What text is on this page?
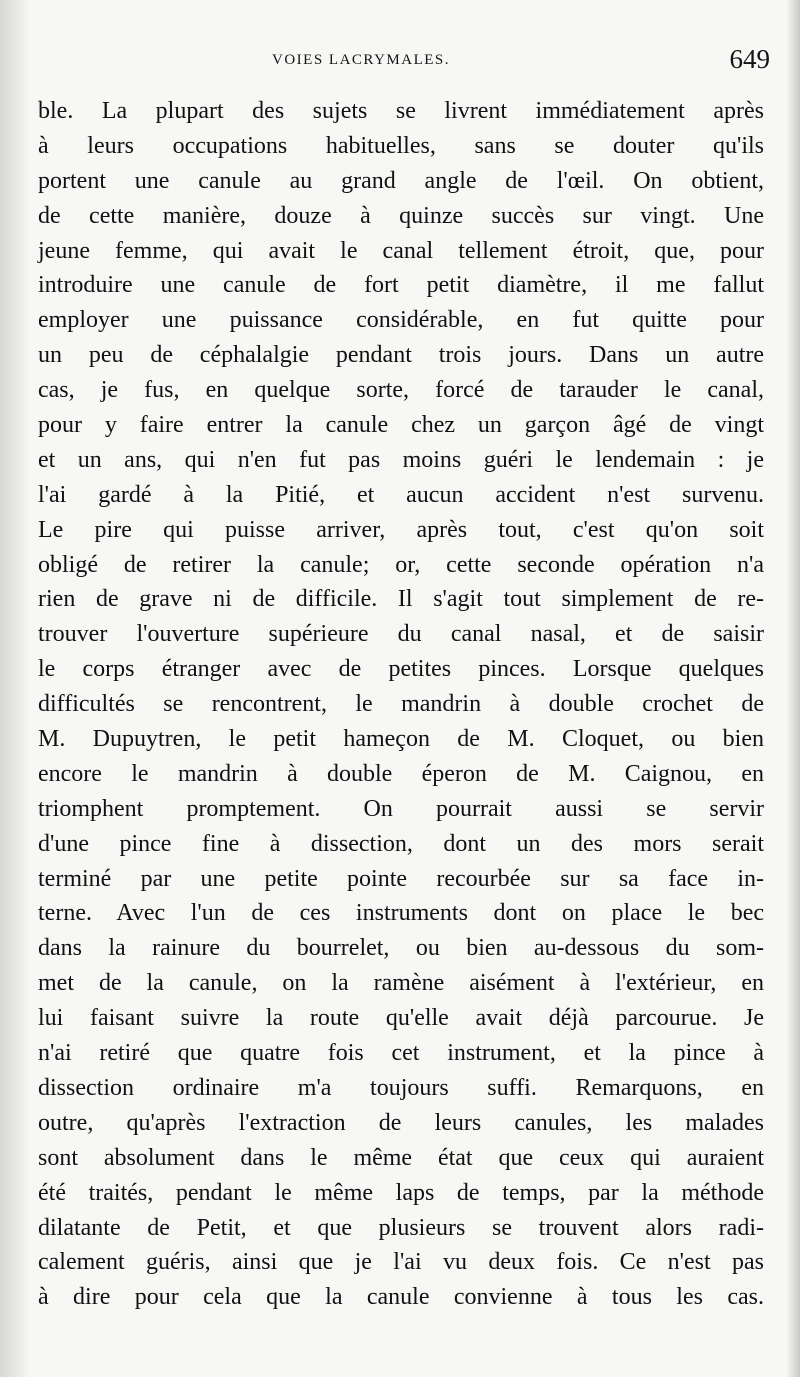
VOIES LACRYMALES.	649
ble. La plupart des sujets se livrent immédiatement après
à leurs occupations habituelles, sans se douter qu'ils
portent une canule au grand angle de l'œil. On obtient,
de cette manière, douze à quinze succès sur vingt. Une
jeune femme, qui avait le canal tellement étroit, que, pour
introduire une canule de fort petit diamètre, il me fallut
employer une puissance considérable, en fut quitte pour
un peu de céphalalgie pendant trois jours. Dans un autre
cas, je fus, en quelque sorte, forcé de tarauder le canal,
pour y faire entrer la canule chez un garçon âgé de vingt
et un ans, qui n'en fut pas moins guéri le lendemain : je
l'ai gardé à la Pitié, et aucun accident n'est survenu.
Le pire qui puisse arriver, après tout, c'est qu'on soit
obligé de retirer la canule; or, cette seconde opération n'a
rien de grave ni de difficile. Il s'agit tout simplement de re-
trouver l'ouverture supérieure du canal nasal, et de saisir
le corps étranger avec de petites pinces. Lorsque quelques
difficultés se rencontrent, le mandrin à double crochet de
M. Dupuytren, le petit hameçon de M. Cloquet, ou bien
encore le mandrin à double éperon de M. Caignou, en
triomphent promptement. On pourrait aussi se servir
d'une pince fine à dissection, dont un des mors serait
terminé par une petite pointe recourbée sur sa face in-
terne. Avec l'un de ces instruments dont on place le bec
dans la rainure du bourrelet, ou bien au-dessous du som-
met de la canule, on la ramène aisément à l'extérieur, en
lui faisant suivre la route qu'elle avait déjà parcourue. Je
n'ai retiré que quatre fois cet instrument, et la pince à
dissection ordinaire m'a toujours suffi. Remarquons, en
outre, qu'après l'extraction de leurs canules, les malades
sont absolument dans le même état que ceux qui auraient
été traités, pendant le même laps de temps, par la méthode
dilatante de Petit, et que plusieurs se trouvent alors radi-
calement guéris, ainsi que je l'ai vu deux fois. Ce n'est pas
à dire pour cela que la canule convienne à tous les cas.
